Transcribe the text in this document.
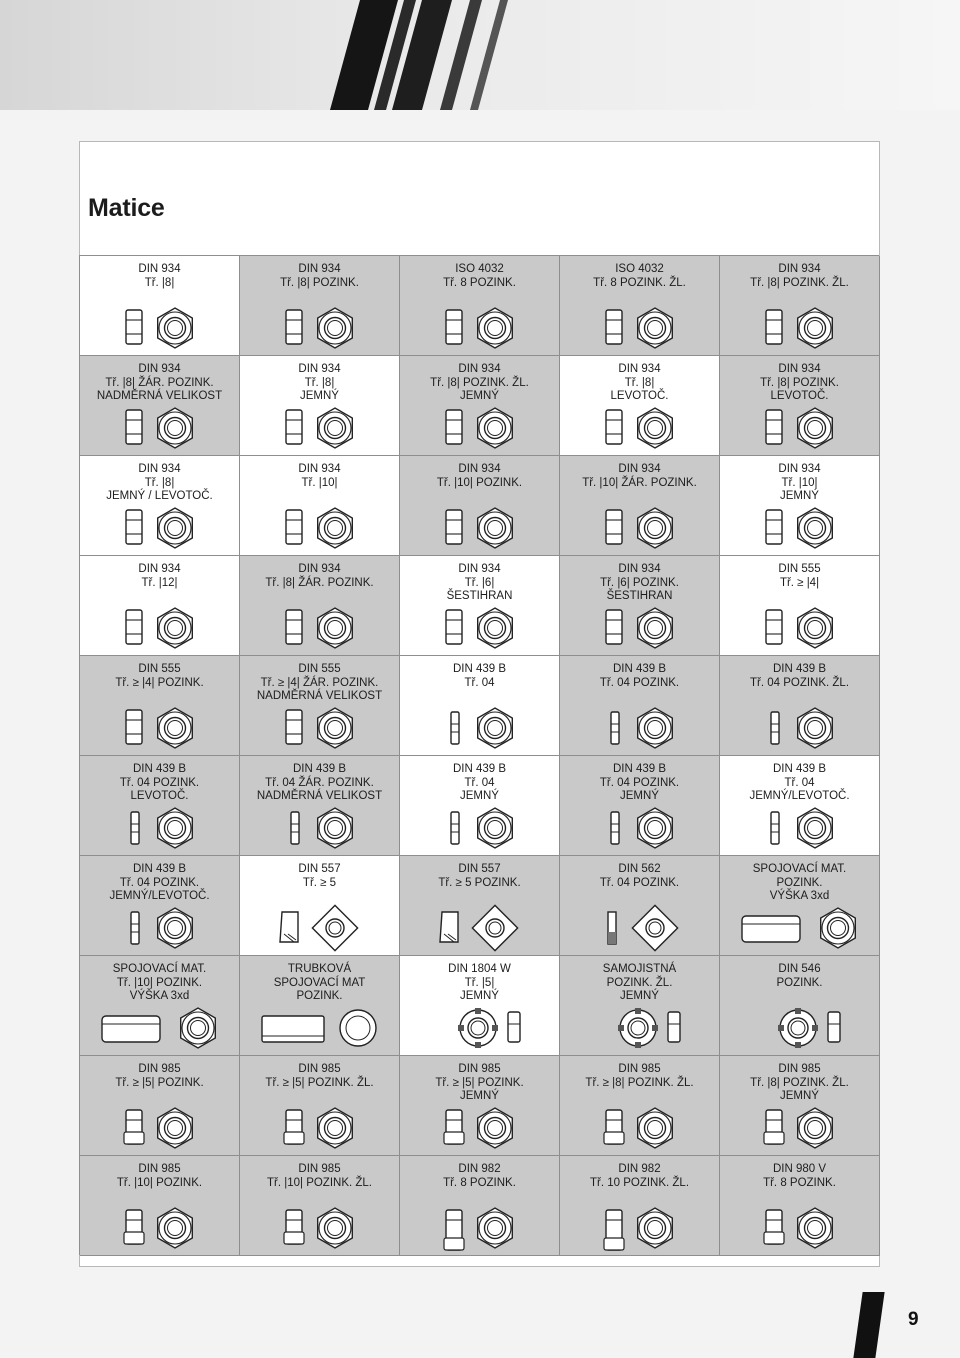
Matice
DIN 934
Tř. |8|
DIN 934
Tř. |8| POZINK.
ISO 4032
Tř. 8 POZINK.
ISO 4032
Tř. 8 POZINK. ŽL.
DIN 934
Tř. |8| POZINK. ŽL.
DIN 934
Tř. |8| ŽÁR. POZINK.
NADMĚRNÁ VELIKOST
DIN 934
Tř. |8|
JEMNÝ
DIN 934
Tř. |8| POZINK. ŽL.
JEMNÝ
DIN 934
Tř. |8|
LEVOTOČ.
DIN 934
Tř. |8| POZINK.
LEVOTOČ.
DIN 934
Tř. |8|
JEMNÝ / LEVOTOČ.
DIN 934
Tř. |10|
DIN 934
Tř. |10| POZINK.
DIN 934
Tř. |10| ŽÁR. POZINK.
DIN 934
Tř. |10|
JEMNÝ
DIN 934
Tř. |12|
DIN 934
Tř. |8| ŽÁR. POZINK.
DIN 934
Tř. |6|
ŠESTIHRAN
DIN 934
Tř. |6| POZINK.
ŠESTIHRAN
DIN 555
Tř. ≥ |4|
DIN 555
Tř. ≥ |4| POZINK.
DIN 555
Tř. ≥ |4| ŽÁR. POZINK.
NADMĚRNÁ VELIKOST
DIN 439 B
Tř. 04
DIN 439 B
Tř. 04 POZINK.
DIN 439 B
Tř. 04 POZINK. ŽL.
DIN 439 B
Tř. 04 POZINK.
LEVOTOČ.
DIN 439 B
Tř. 04 ŽÁR. POZINK.
NADMĚRNÁ VELIKOST
DIN 439 B
Tř. 04
JEMNÝ
DIN 439 B
Tř. 04 POZINK.
JEMNÝ
DIN 439 B
Tř. 04
JEMNÝ/LEVOTOČ.
DIN 439 B
Tř. 04 POZINK.
JEMNÝ/LEVOTOČ.
DIN 557
Tř. ≥ 5
DIN 557
Tř. ≥ 5 POZINK.
DIN 562
Tř. 04 POZINK.
SPOJOVACÍ MAT.
POZINK.
VÝŠKA 3xd
SPOJOVACÍ MAT.
Tř. |10| POZINK.
VÝŠKA 3xd
TRUBKOVÁ
SPOJOVACÍ MAT
POZINK.
DIN 1804 W
Tř. |5|
JEMNÝ
SAMOJISTNÁ
POZINK. ŽL.
JEMNÝ
DIN 546
POZINK.
DIN 985
Tř. ≥ |5| POZINK.
DIN 985
Tř. ≥ |5| POZINK. ŽL.
DIN 985
Tř. ≥ |5| POZINK.
JEMNÝ
DIN 985
Tř. ≥ |8| POZINK. ŽL.
DIN 985
Tř. |8| POZINK. ŽL.
JEMNÝ
DIN 985
Tř. |10| POZINK.
DIN 985
Tř. |10| POZINK. ŽL.
DIN 982
Tř. 8 POZINK.
DIN 982
Tř. 10 POZINK. ŽL.
DIN 980 V
Tř. 8 POZINK.
9
